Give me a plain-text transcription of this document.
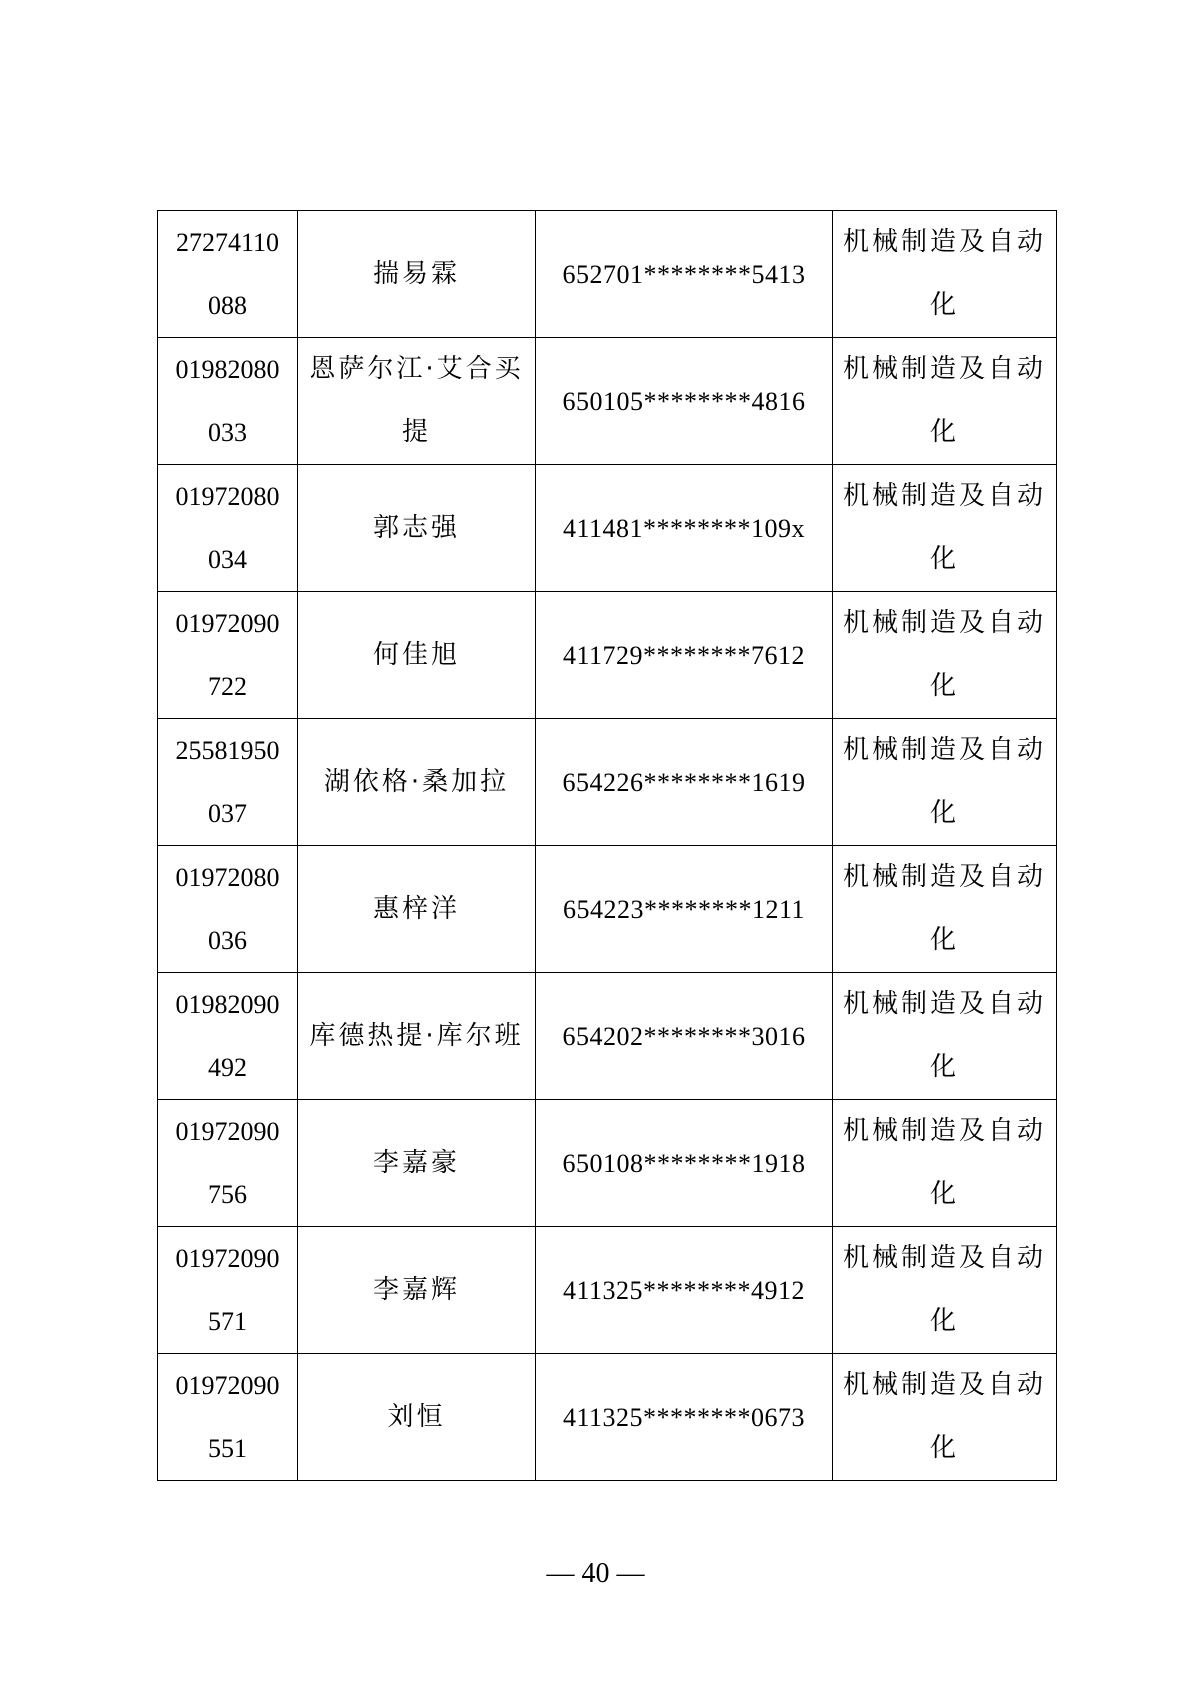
27274110088	揣易霖	652701********5413	机械制造及自动化
01982080033	恩萨尔江·艾合买提	650105********4816	机械制造及自动化
01972080034	郭志强	411481********109x	机械制造及自动化
01972090722	何佳旭	411729********7612	机械制造及自动化
25581950037	湖依格·桑加拉	654226********1619	机械制造及自动化
01972080036	惠梓洋	654223********1211	机械制造及自动化
01982090492	库德热提·库尔班	654202********3016	机械制造及自动化
01972090756	李嘉豪	650108********1918	机械制造及自动化
01972090571	李嘉辉	411325********4912	机械制造及自动化
01972090551	刘恒	411325********0673	机械制造及自动化
— 40 —
